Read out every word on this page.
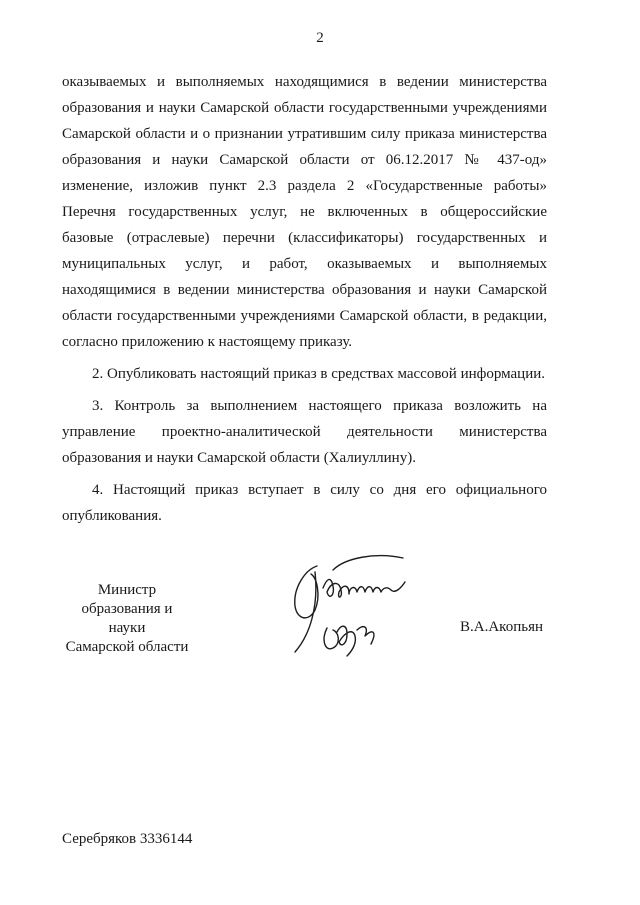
2

оказываемых и выполняемых находящимися в ведении министерства образования и науки Самарской области государственными учреждениями Самарской области и о признании утратившим силу приказа министерства образования и науки Самарской области от 06.12.2017 № 437-од» изменение, изложив пункт 2.3 раздела 2 «Государственные работы» Перечня государственных услуг, не включенных в общероссийские базовые (отраслевые) перечни (классификаторы) государственных и муниципальных услуг, и работ, оказываемых и выполняемых находящимися в ведении министерства образования и науки Самарской области государственными учреждениями Самарской области, в редакции, согласно приложению к настоящему приказу.

2. Опубликовать настоящий приказ в средствах массовой информации.

3. Контроль за выполнением настоящего приказа возложить на управление проектно-аналитической деятельности министерства образования и науки Самарской области (Халиуллину).

4. Настоящий приказ вступает в силу со дня его официального опубликования.

Министр
образования и науки
Самарской области
В.А.Акопьян
Серебряков 3336144
